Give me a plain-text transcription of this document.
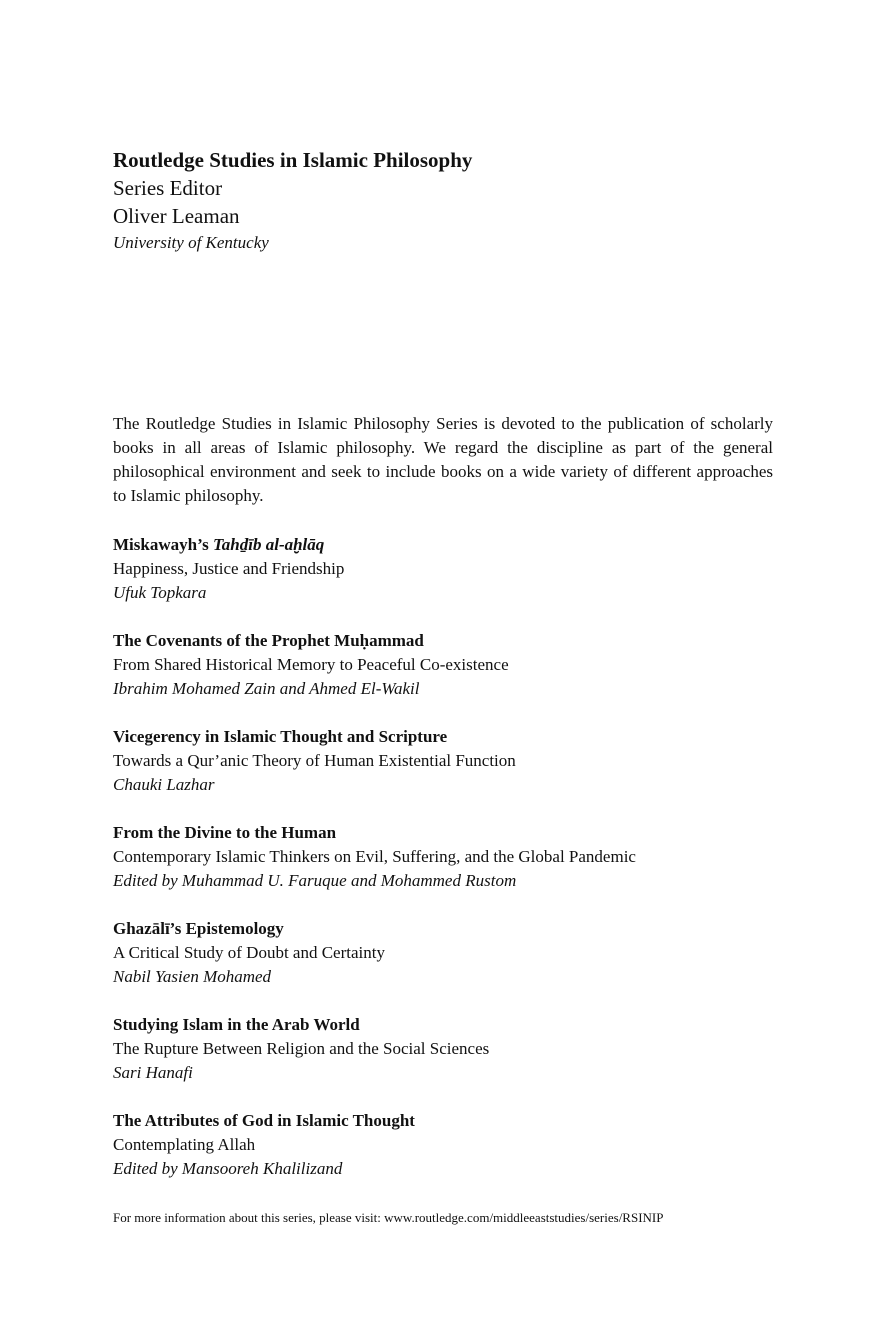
Routledge Studies in Islamic Philosophy

Series Editor

Oliver Leaman

University of Kentucky

The Routledge Studies in Islamic Philosophy Series is devoted to the publication of scholarly books in all areas of Islamic philosophy. We regard the discipline as part of the general philosophical environment and seek to include books on a wide variety of different approaches to Islamic philosophy.

Miskawayh’s Tahḏīb al-aḫlāq

Happiness, Justice and Friendship

Ufuk Topkara

The Covenants of the Prophet Muḥammad

From Shared Historical Memory to Peaceful Co-existence

Ibrahim Mohamed Zain and Ahmed El-Wakil

Vicegerency in Islamic Thought and Scripture

Towards a Qur’anic Theory of Human Existential Function

Chauki Lazhar

From the Divine to the Human

Contemporary Islamic Thinkers on Evil, Suffering, and the Global Pandemic

Edited by Muhammad U. Faruque and Mohammed Rustom

Ghazālī’s Epistemology

A Critical Study of Doubt and Certainty

Nabil Yasien Mohamed

Studying Islam in the Arab World

The Rupture Between Religion and the Social Sciences

Sari Hanafi

The Attributes of God in Islamic Thought

Contemplating Allah

Edited by Mansooreh Khalilizand

For more information about this series, please visit: www.routledge.com/middleeaststudies/series/RSINIP
